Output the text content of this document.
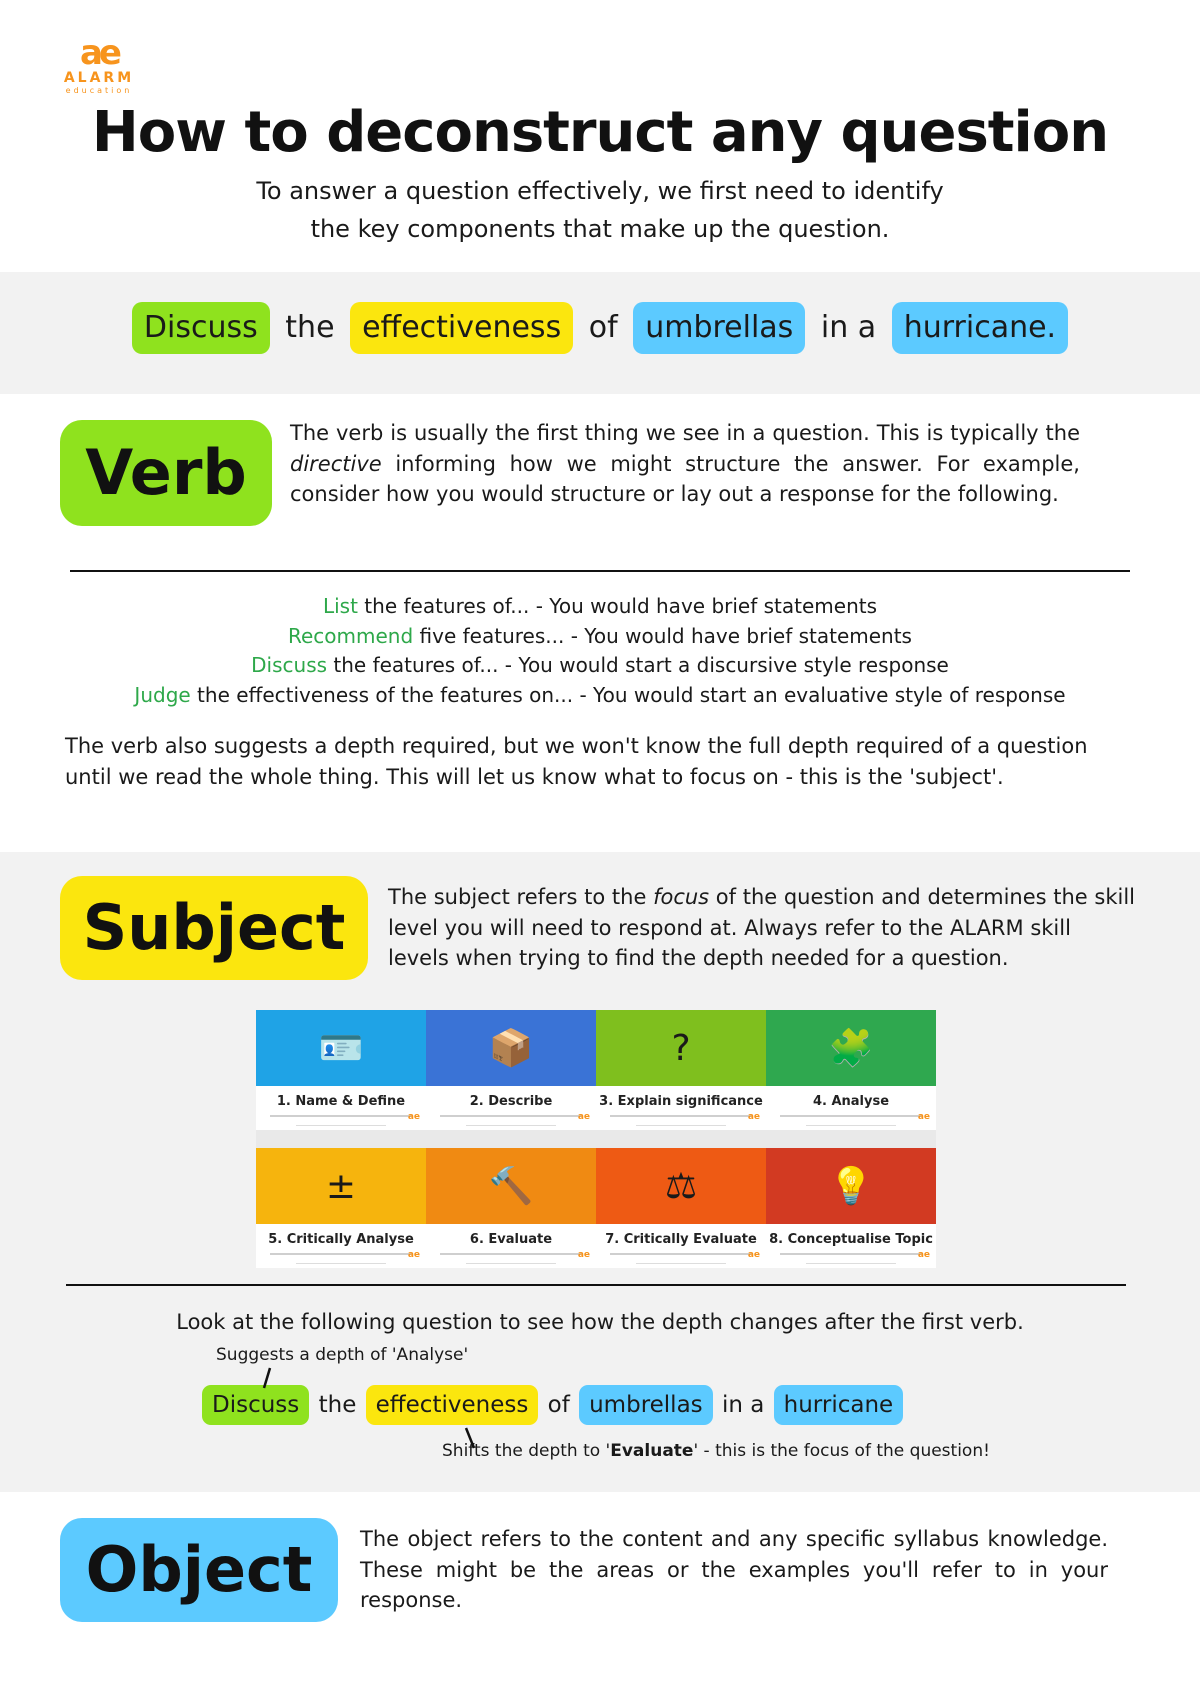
ae
ALARM
education
How to deconstruct any question
To answer a question effectively, we first need to identify
the key components that make up the question.
Discuss the effectiveness of umbrellas in a hurricane.
Verb
The verb is usually the first thing we see in a question. This is typically the directive informing how we might structure the answer. For example, consider how you would structure or lay out a response for the following.
List the features of... - You would have brief statements
Recommend five features... - You would have brief statements
Discuss the features of... - You would start a discursive style response
Judge the effectiveness of the features on... - You would start an evaluative style of response
The verb also suggests a depth required, but we won't know the full depth required of a question until we read the whole thing. This will let us know what to focus on - this is the 'subject'.
Subject	The subject refers to the focus of the question and determines the skill level you will need to respond at. Always refer to the ALARM skill levels when trying to find the depth needed for a question.
🪪
1. Name & Define
ae
📦
2. Describe
ae
?
3. Explain significance
ae
🧩
4. Analyse
ae
±
5. Critically Analyse
ae
🔨
6. Evaluate
ae
⚖
7. Critically Evaluate
ae
💡
8. Conceptualise Topic
ae
Look at the following question to see how the depth changes after the first verb.
Suggests a depth of 'Analyse'
Discuss the effectiveness of umbrellas in a hurricane
Shifts the depth to 'Evaluate' - this is the focus of the question!
Object	The object refers to the content and any specific syllabus knowledge. These might be the areas or the examples you'll refer to in your response.
